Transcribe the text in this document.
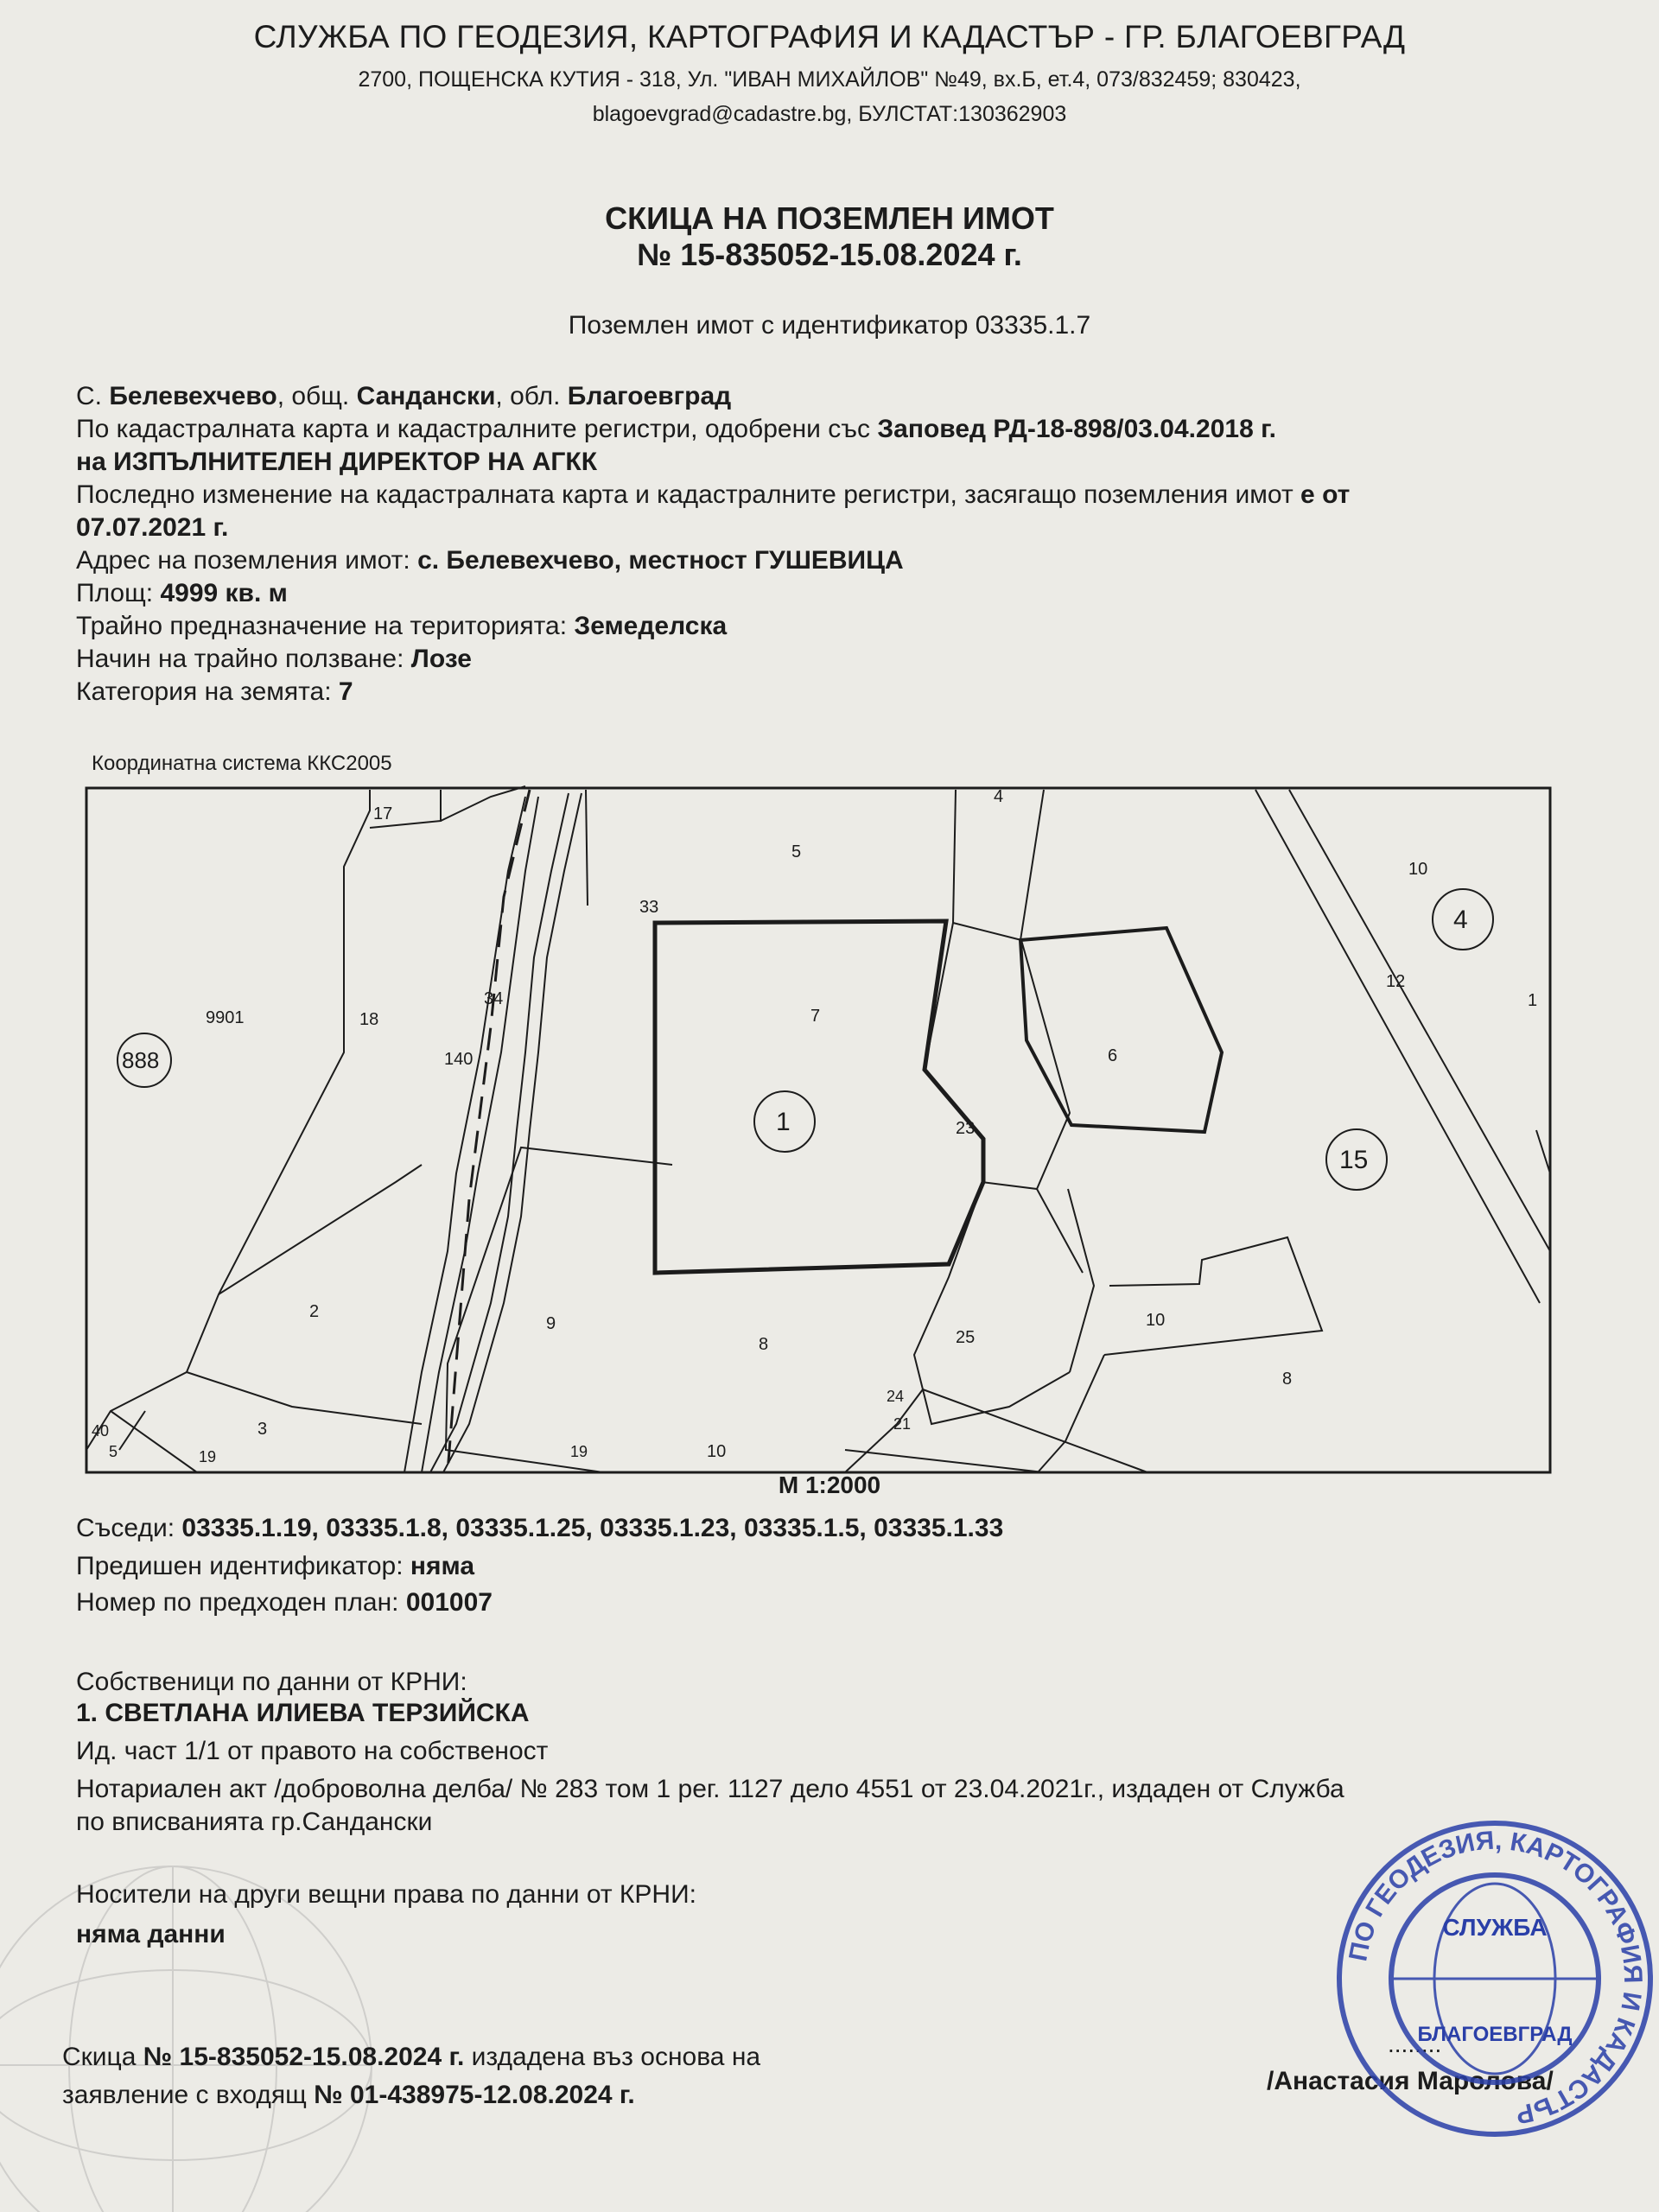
СЛУЖБА ПО ГЕОДЕЗИЯ, КАРТОГРАФИЯ И КАДАСТЪР - ГР. БЛАГОЕВГРАД
2700, ПОЩЕНСКА КУТИЯ - 318, Ул. "ИВАН МИХАЙЛОВ" №49, вх.Б, ет.4, 073/832459; 830423,
blagoevgrad@cadastre.bg, БУЛСТАТ:130362903
СКИЦА НА ПОЗЕМЛЕН ИМОТ
№ 15-835052-15.08.2024 г.
Поземлен имот с идентификатор 03335.1.7
С. Белевехчево, общ. Сандански, обл. Благоевград
По кадастралната карта и кадастралните регистри, одобрени със Заповед РД-18-898/03.04.2018 г.
на ИЗПЪЛНИТЕЛЕН ДИРЕКТОР НА АГКК
Последно изменение на кадастралната карта и кадастралните регистри, засягащо поземления имот е от
07.07.2021 г.
Адрес на поземления имот: с. Белевехчево, местност ГУШЕВИЦА
Площ: 4999 кв. м
Трайно предназначение на територията: Земеделска
Начин на трайно ползване: Лозе
Категория на земята: 7
Координатна система ККС2005
17
5
4
10
4
12
1
33
34
9901	18
888	140
7
1
6
23
15
2
9
8	25
10
8
3
40
5	19	19	10
24
21
М 1:2000
Съседи: 03335.1.19, 03335.1.8, 03335.1.25, 03335.1.23, 03335.1.5, 03335.1.33
Предишен идентификатор: няма
Номер по предходен план: 001007
Собственици по данни от КРНИ:
1. СВЕТЛАНА ИЛИЕВА ТЕРЗИЙСКА
Ид. част 1/1 от правото на собственост
Нотариален акт /доброволна делба/ № 283 том 1 рег. 1127 дело 4551 от 23.04.2021г., издаден от Служба
по вписванията гр.Сандански
Носители на други вещни права по данни от КРНИ:
няма данни
Скица № 15-835052-15.08.2024 г. издадена въз основа на
заявление с входящ № 01-438975-12.08.2024 г.
........
/Анастасия Маролова/
ПО ГЕОДЕЗИЯ, КАРТОГРАФИЯ И КАДАСТЪР
СЛУЖБА
БЛАГОЕВГРАД
